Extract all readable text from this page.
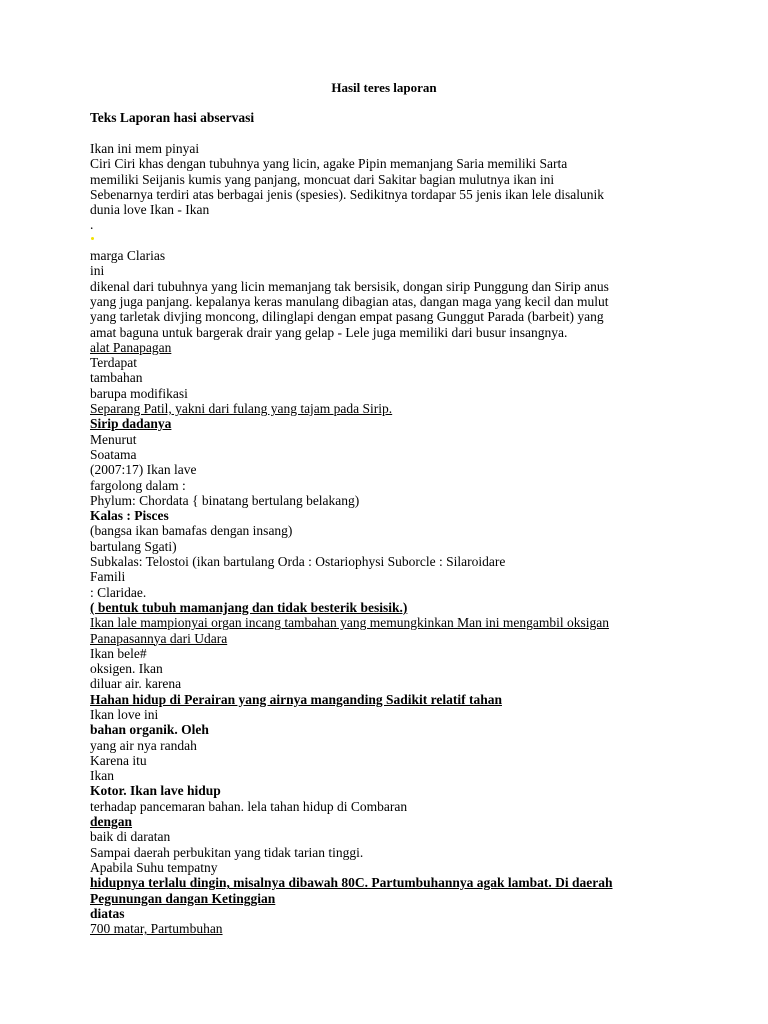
Hasil teres laporan
Teks Laporan hasi abservasi
Ikan ini mem pinyai
Ciri Ciri khas dengan tubuhnya yang licin, agake Pipin memanjang Saria memiliki Sarta
memiliki Seijanis kumis yang panjang, moncuat dari Sakitar bagian mulutnya ikan ini
Sebenarnya terdiri atas berbagai jenis (spesies). Sedikitnya tordapar 55 jenis ikan lele disalunik
dunia love Ikan - Ikan
.
marga Clarias
ini
dikenal dari tubuhnya yang licin memanjang tak bersisik, dongan sirip Punggung dan Sirip anus
yang juga panjang. kepalanya keras manulang dibagian atas, dangan maga yang kecil dan mulut
yang tarletak divjing moncong, dilinglapi dengan empat pasang Gunggut Parada (barbeit) yang
amat baguna untuk bargerak drair yang gelap - Lele juga memiliki dari busur insangnya.
alat Panapagan
Terdapat
tambahan
barupa modifikasi
Separang Patil, yakni dari fulang yang tajam pada Sirip.
Sirip dadanya
Menurut
Soatama
(2007:17) Ikan lave
fargolong dalam :
Phylum: Chordata { binatang bertulang belakang)
Kalas : Pisces
(bangsa ikan bamafas dengan insang)
bartulang Sgati)
Subkalas: Telostoi (ikan bartulang Orda : Ostariophysi Suborcle : Silaroidare
Famili
: Claridae.
( bentuk tubuh mamanjang dan tidak besterik besisik.)
Ikan lale mampionyai organ incang tambahan yang memungkinkan Man ini mengambil oksigan
Panapasannya dari Udara
Ikan bele#
oksigen. Ikan
diluar air. karena
Hahan hidup di Perairan yang airnya manganding Sadikit relatif tahan
Ikan love ini
bahan organik. Oleh
yang air nya randah
Karena itu
Ikan
Kotor. Ikan lave hidup
terhadap pancemaran bahan. lela tahan hidup di Combaran
dengan
baik di daratan
Sampai daerah perbukitan yang tidak tarian tinggi.
Apabila Suhu tempatny
hidupnya terlalu dingin, misalnya dibawah 80C. Partumbuhannya agak lambat. Di daerah
Pegunungan dangan Ketinggian
diatas
700 matar, Partumbuhan
